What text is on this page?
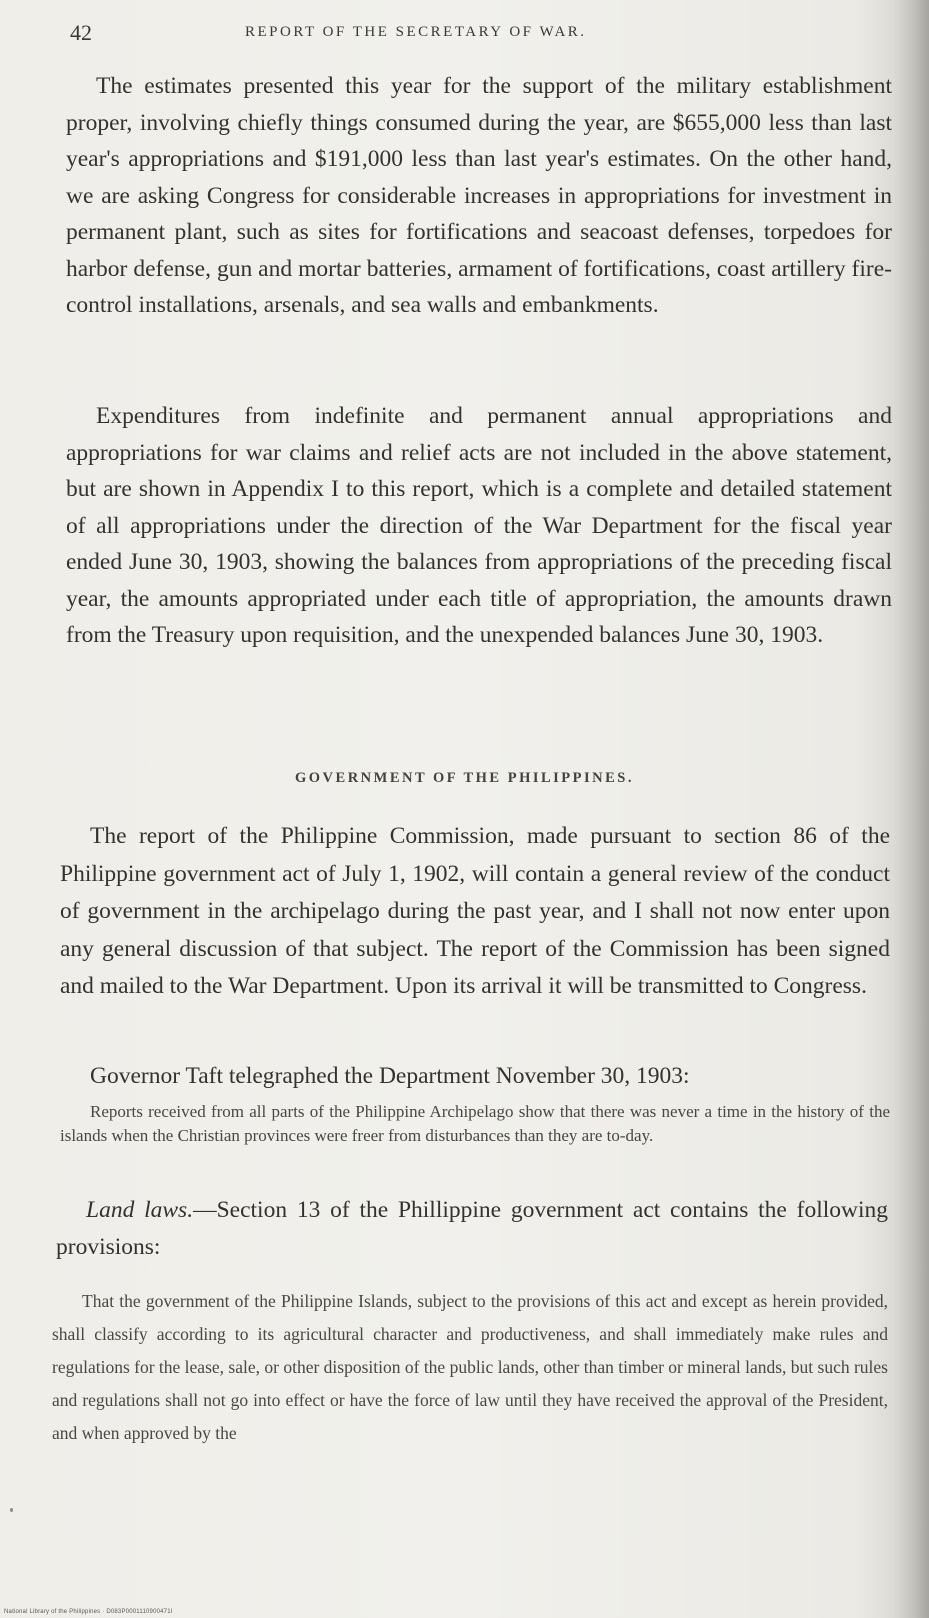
42	REPORT OF THE SECRETARY OF WAR.

The estimates presented this year for the support of the military establishment proper, involving chiefly things consumed during the year, are $655,000 less than last year's appropriations and $191,000 less than last year's estimates. On the other hand, we are asking Congress for considerable increases in appropriations for investment in permanent plant, such as sites for fortifications and seacoast defenses, torpedoes for harbor defense, gun and mortar batteries, armament of fortifications, coast artillery fire-control installations, arsenals, and sea walls and embankments.

Expenditures from indefinite and permanent annual appropriations and appropriations for war claims and relief acts are not included in the above statement, but are shown in Appendix I to this report, which is a complete and detailed statement of all appropriations under the direction of the War Department for the fiscal year ended June 30, 1903, showing the balances from appropriations of the preceding fiscal year, the amounts appropriated under each title of appropriation, the amounts drawn from the Treasury upon requisition, and the unexpended balances June 30, 1903.

GOVERNMENT OF THE PHILIPPINES.

The report of the Philippine Commission, made pursuant to section 86 of the Philippine government act of July 1, 1902, will contain a general review of the conduct of government in the archipelago during the past year, and I shall not now enter upon any general discussion of that subject. The report of the Commission has been signed and mailed to the War Department. Upon its arrival it will be transmitted to Congress.

Governor Taft telegraphed the Department November 30, 1903:

Reports received from all parts of the Philippine Archipelago show that there was never a time in the history of the islands when the Christian provinces were freer from disturbances than they are to-day.

Land laws.—Section 13 of the Phillippine government act contains the following provisions:

That the government of the Philippine Islands, subject to the provisions of this act and except as herein provided, shall classify according to its agricultural character and productiveness, and shall immediately make rules and regulations for the lease, sale, or other disposition of the public lands, other than timber or mineral lands, but such rules and regulations shall not go into effect or have the force of law until they have received the approval of the President, and when approved by the

National Library of the Philippines · D083P0001110900471I
